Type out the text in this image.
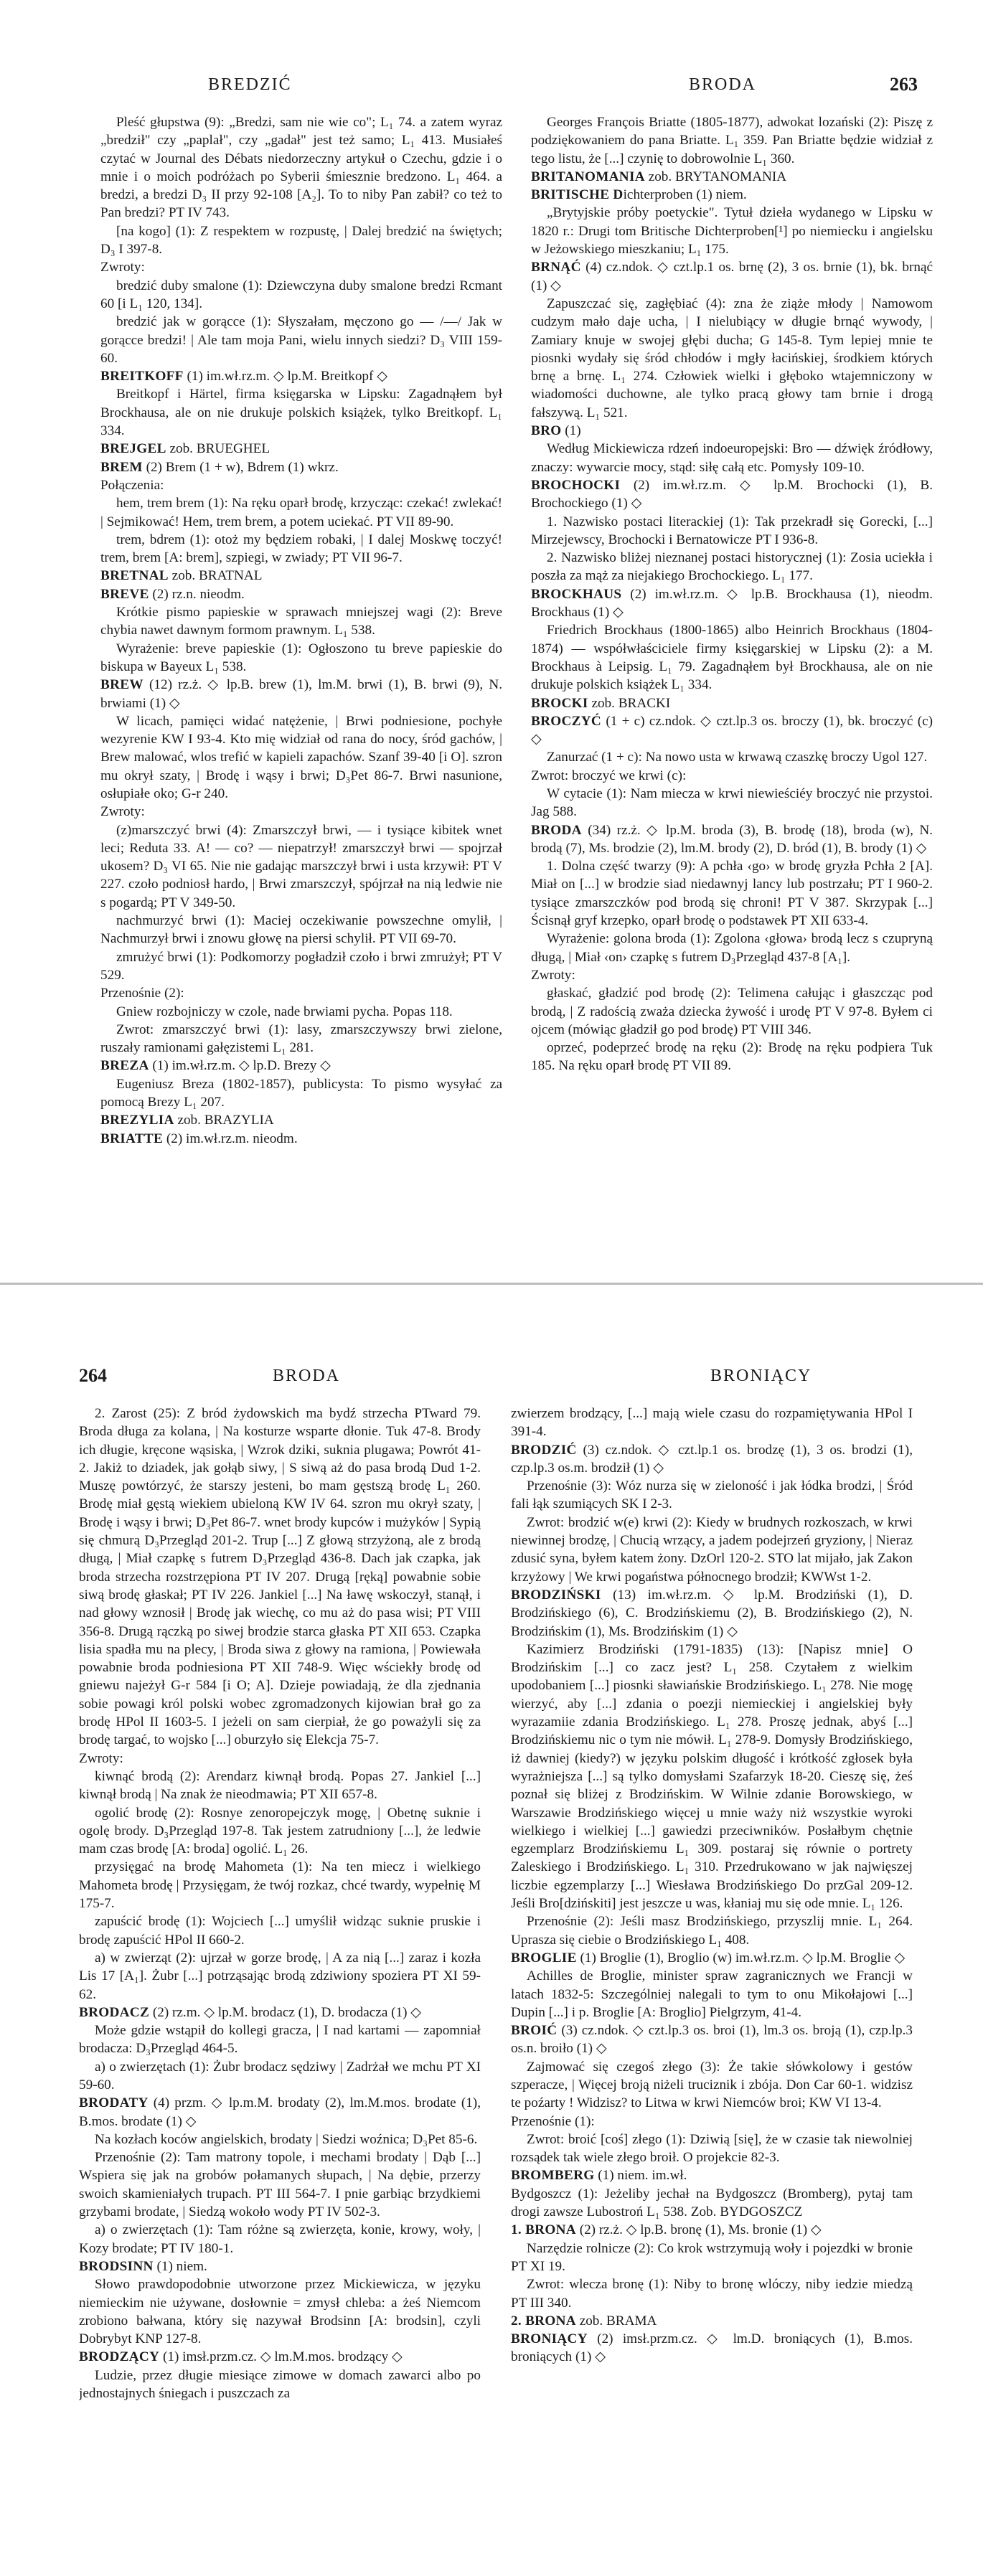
BREDZIĆ	BRODA	263

Pleść głupstwa (9): „Bredzi, sam nie wie co"; L₁ 74. a zatem wyraz „bredził" czy „paplał", czy „gadał" jest też samo; L₁ 413. Musiałeś czytać w Journal des Débats niedorzeczny artykuł o Czechu, gdzie i o mnie i o moich podróżach po Syberii śmiesznie bredzono. L₁ 464. a bredzi, a bredzi D₃ II przy 92-108 [A₂]. To to niby Pan zabił? co też to Pan bredzi? PT IV 743.

[na kogo] (1): Z respektem w rozpustę, | Dalej bredzić na świętych; D₃ I 397-8.

Zwroty:

bredzić duby smalone (1): Dziewczyna duby smalone bredzi Rcmant 60 [i L₁ 120, 134].

bredzić jak w gorącce (1): Słyszałam, męczono go — /—/ Jak w gorącce bredzi! | Ale tam moja Pani, wielu innych siedzi? D₃ VIII 159-60.

BREITKOFF (1) im.wł.rz.m. ◇ lp.M. Breitkopf ◇

Breitkopf i Härtel, firma księgarska w Lipsku: Zagadnąłem był Brockhausa, ale on nie drukuje polskich książek, tylko Breitkopf. L₁ 334.

BREJGEL zob. BRUEGHEL

BREM (2) Brem (1 + w), Bdrem (1) wkrz.

Połączenia:

hem, trem brem (1): Na ręku oparł brodę, krzycząc: czekać! zwlekać! | Sejmikować! Hem, trem brem, a potem uciekać. PT VII 89-90.

trem, bdrem (1): otoż my będziem robaki, | I dalej Moskwę toczyć! trem, brem [A: brem], szpiegi, w zwiady; PT VII 96-7.

BRETNAL zob. BRATNAL

BREVE (2) rz.n. nieodm.

Krótkie pismo papieskie w sprawach mniejszej wagi (2): Breve chybia nawet dawnym formom prawnym. L₁ 538.

Wyrażenie: breve papieskie (1): Ogłoszono tu breve papieskie do biskupa w Bayeux L₁ 538.

BREW (12) rz.ż. ◇ lp.B. brew (1), lm.M. brwi (1), B. brwi (9), N. brwiami (1) ◇

W licach, pamięci widać natężenie, | Brwi podniesione, pochyłe wezyrenie KW I 93-4. Kto mię widział od rana do nocy, śród gachów, | Brew malować, wlos trefić w kapieli zapachów. Szanf 39-40 [i O]. szron mu okrył szaty, | Brodę i wąsy i brwi; D₃Pet 86-7. Brwi nasunione, osłupiałe oko; G-r 240.

Zwroty:

(z)marszczyć brwi (4): Zmarszczył brwi, — i tysiące kibitek wnet leci; Redutа 33. A! — co? — niepatrzył! zmarszczył brwi — spojrzał ukosem? D₃ VI 65. Nie nie gadając marszczył brwi i usta krzywił: PT V 227. czoło podniosł hardo, | Brwi zmarszczył, spójrzał na nią ledwie nie s pogardą; PT V 349-50.

nachmurzyć brwi (1): Maciej oczekiwanie powszechne omylił, | Nachmurzył brwi i znowu głowę na piersi schylił. PT VII 69-70.

zmrużyć brwi (1): Podkomorzy pogładził czoło i brwi zmrużył; PT V 529.

Przenośnie (2):

Gniew rozbojniczy w czole, nade brwiami pycha. Popas 118.

Zwrot: zmarszczyć brwi (1): lasy, zmarszczywszy brwi zielone, ruszały ramionami gałęzistemi L₁ 281.

BREZA (1) im.wł.rz.m. ◇ lp.D. Brezy ◇

Eugeniusz Breza (1802-1857), publicysta: To pismo wysyłać za pomocą Brezy L₁ 207.

BREZYLIA zob. BRAZYLIA

BRIATTE (2) im.wł.rz.m. nieodm.

Georges François Briatte (1805-1877), adwokat lozański (2): Piszę z podziękowaniem do pana Briatte. L₁ 359. Pan Briatte będzie widział z tego listu, że [...] czynię to dobrowolnie L₁ 360.

BRITANOMANIA zob. BRYTANOMANIA

BRITISCHE Dichterproben (1) niem.

„Brytyjskie próby poetyckie". Tytuł dzieła wydanego w Lipsku w 1820 r.: Drugi tom Britische Dichterproben[¹] po niemiecku i angielsku w Jeżowskiego mieszkaniu; L₁ 175.

BRNĄĆ (4) cz.ndok. ◇ czt.lp.1 os. brnę (2), 3 os. brnie (1), bk. brnąć (1) ◇

Zapuszczać się, zagłębiać (4): zna że ziąże młody | Namowom cudzym mało daje ucha, | I nielubiący w długie brnąć wywody, | Zamiary knuje w swojej głębi ducha; G 145-8. Tym lepiej mnie te piosnki wydały się śród chłodów i mgły łacińskiej, środkiem których brnę a brnę. L₁ 274. Człowiek wielki i głęboko wtajemniczony w wiadomości duchowne, ale tylko pracą głowy tam brnie i drogą fałszywą. L₁ 521.

BRO (1)

Według Mickiewicza rdzeń indoeuropejski: Bro — dźwięk źródłowy, znaczy: wywarcie mocy, stąd: siłę całą etc. Pomysły 109-10.

BROCHOCKI (2) im.wł.rz.m. ◇ lp.M. Brochocki (1), B. Brochockiego (1) ◇

1. Nazwisko postaci literackiej (1): Tak przekradł się Gorecki, [...] Mirzejewscy, Brochocki i Bernatowicze PT I 936-8.

2. Nazwisko bliżej nieznanej postaci historycznej (1): Zosia uciekła i poszła za mąż za niejakiego Brochockiego. L₁ 177.

BROCKHAUS (2) im.wł.rz.m. ◇ lp.B. Brockhausa (1), nieodm. Brockhaus (1) ◇

Friedrich Brockhaus (1800-1865) albo Heinrich Brockhaus (1804-1874) — współwłaściciele firmy księgarskiej w Lipsku (2): a M. Brockhaus à Leipsig. L₁ 79. Zagadnąłem był Brockhausa, ale on nie drukuje polskich książek L₁ 334.

BROCKI zob. BRACKI

BROCZYĆ (1 + c) cz.ndok. ◇ czt.lp.3 os. broczy (1), bk. broczyć (c) ◇

Zanurzać (1 + c): Na nowo usta w krwawą czaszkę broczy Ugol 127.

Zwrot: broczyć we krwi (c):

W cytacie (1): Nam mieczа w krwi niewieściéy broczyć nie przystoi. Jag 588.

BRODA (34) rz.ż. ◇ lp.M. broda (3), B. brodę (18), broda (w), N. brodą (7), Ms. brodzie (2), lm.M. brody (2), D. bród (1), B. brody (1) ◇

1. Dolna część twarzy (9): A pchła ‹go› w brodę gryzła Pchła 2 [A]. Miał on [...] w brodzie siad niedawnyj lancy lub postrzału; PT I 960-2. tysiące zmarszczków pod brodą się chroni! PT V 387. Skrzypak [...] Ścisnął gryf krzepko, oparł brodę o podstawek PT XII 633-4.

Wyrażenie: golona broda (1): Zgolona ‹głowa› brodą lecz s czupryną długą, | Miał ‹on› czapkę s futrem D₃Przegląd 437-8 [A₁].

Zwroty:

głaskać, gładzić pod brodę (2): Telimena całując i głaszcząc pod brodą, | Z radością zważa dziecka żywość i urodę PT V 97-8. Byłem ci ojcem (mówiąc gładził go pod brodę) PT VIII 346.

oprzeć, podeprzeć brodę na ręku (2): Brodę na ręku podpiera Tuk 185. Na ręku oparł brodę PT VII 89.

264	BRODA	BRONIĄCY

2. Zarost (25): Z bród żydowskich ma bydź strzecha PTward 79. Broda długa za kolana, | Na kosturze wsparte dłonie. Tuk 47-8. Brody ich długie, kręcone wąsiska, | Wzrok dziki, suknia plugawa; Powrót 41-2. Jakiż to dziadek, jak gołąb siwy, | S siwą aż do pasa brodą Dud 1-2. Muszę powtórzyć, że starszy jesteni, bo mam gęstszą brodę L₁ 260. Brodę miał gęstą wiekiem ubieloną KW IV 64. szron mu okrył szaty, | Brodę i wąsy i brwi; D₃Pet 86-7. wnet brody kupców i mużyków | Sypią się chmurą D₃Przegląd 201-2. Trup [...] Z głową strzyżoną, ale z brodą długą, | Miał czapkę s futrem D₃Przegląd 436-8. Dach jak czapka, jak broda strzecha rozstrzępiona PT IV 207. Drugą [ręką] powabnie sobie siwą brodę głaskał; PT IV 226. Jankiel [...] Na ławę wskoczył, stanął, i nad głowy wznosił | Brodę jak wiechę, co mu aż do pasa wisi; PT VIII 356-8. Drugą rączką po siwej brodzie starca głaska PT XII 653. Czapka lisia spadła mu na plecy, | Broda siwa z głowy na ramiona, | Powiewała powabnie broda podniesiona PT XII 748-9. Więc wściekły brodę od gniewu najeżył G-r 584 [i O; A]. Dzieje powiadają, że dla zjednania sobie powagi król polski wobec zgromadzonych kijowian brał go za brodę HPol II 1603-5. I jeżeli on sam cierpiał, że go poważyli się za brodę targać, to wojsko [...] oburzyło się Elekcja 75-7.

Zwroty:

kiwnąć brodą (2): Arendarz kiwnął brodą. Popas 27. Jankiel [...] kiwnął brodą | Na znak że nieodmawia; PT XII 657-8.

ogolić brodę (2): Rosnye zenoropejczyk mogę, | Obetnę suknie i ogolę brody. D₃Przegląd 197-8. Tak jestem zatrudniony [...], że ledwie mam czas brodę [A: broda] ogolić. L₁ 26.

przysięgać na brodę Mahometa (1): Na ten miecz i wielkiego Mahometa brodę | Przysięgam, że twój rozkaz, chcé twardy, wypełnię M 175-7.

zapuścić brodę (1): Wojciech [...] umyślił widząc suknie pruskie i brodę zapuścić HPol II 660-2.

a) w zwierząt (2): ujrzał w gorze brodę, | A za nią [...] zaraz i kozła Lis 17 [A₁]. Żubr [...] potrząsając brodą zdziwiony spozierа PT XI 59-62.

BRODACZ (2) rz.m. ◇ lp.M. brodacz (1), D. brodacza (1) ◇

Może gdzie wstąpił do kollegi gracza, | I nad kartami — zapomniał brodacza: D₃Przegląd 464-5.

a) o zwierzętach (1): Żubr brodacz sędziwy | Zadrżał we mchu PT XI 59-60.

BRODATY (4) przm. ◇ lp.m.M. brodaty (2), lm.M.mos. brodate (1), B.mos. brodate (1) ◇

Na kozłach koców angielskich, brodaty | Siedzi woźnica; D₃Pet 85-6.

Przenośnie (2): Tam matrony topole, i mechami brodaty | Dąb [...] Wspiera się jak na grobów połamanych słupach, | Na dębie, przerzy swoich skamieniałych trupach. PT III 564-7. I pnie garbiąc brzydkiemi grzybami brodate, | Siedzą wokoło wody PT IV 502-3.

a) o zwierzętach (1): Tam różne są zwierzęta, konie, krowy, woły, | Kozy brodate; PT IV 180-1.

BRODSINN (1) niem.

Słowo prawdopodobnie utworzone przez Mickiewicza, w języku niemieckim nie używane, dosłownie = zmysł chleba: a żeś Niemcom zrobiono bałwana, który się nazywał Brodsinn [A: brodsin], czyli Dobrybyt KNP 127-8.

BRODZĄCY (1) imsł.przm.cz. ◇ lm.M.mos. brodzący ◇

Ludzie, przez długie miesiące zimowe w domach zawarci albo po jednostajnych śniegach i puszczach za

zwierzem brodzący, [...] mają wiele czasu do rozpamiętywania HPol I 391-4.

BRODZIĆ (3) cz.ndok. ◇ czt.lp.1 os. brodzę (1), 3 os. brodzi (1), czp.lp.3 os.m. brodził (1) ◇

Przenośnie (3): Wóz nurza się w zieloność i jak łódka brodzi, | Śród fali łąk szumiących SK I 2-3.

Zwrot: brodzić w(e) krwi (2): Kiedy w brudnych rozkoszach, w krwi niewinnej brodzę, | Chucią wrzący, a jadem podejrzeń gryziony, | Nieraz zdusić syna, byłem katem żony. DzOrl 120-2. STO lat mijało, jak Zakon krzyżowy | We krwi pogaństwa północnego brodził; KWWst 1-2.

BRODZIŃSKI (13) im.wł.rz.m. ◇ lp.M. Brodziński (1), D. Brodzińskiego (6), C. Brodzińskiemu (2), B. Brodzińskiego (2), N. Brodzińskim (1), Ms. Brodzińskim (1) ◇

Kazimierz Brodziński (1791-1835) (13): [Napisz mnie] O Brodzińskim [...] co zacz jest? L₁ 258. Czytałem z wielkim upodobaniem [...] piosnki sławiańskie Brodzińskiego. L₁ 278. Nie mogę wierzyć, aby [...] zdania o poezji niemieckiej i angielskiej były wyrazamiie zdania Brodzińskiego. L₁ 278. Proszę jednak, abyś [...] Brodzińskiemu nic o tym nie mówił. L₁ 278-9. Domysły Brodzińskiego, iż dawniej (kiedy?) w języku polskim długość i krótkość zgłosek była wyrażniejsza [...] są tylko domysłami Szafarzyk 18-20. Cieszę się, żeś poznał się bliżej z Brodzińskim. W Wilnie zdanie Borowskiego, w Warszawie Brodzińskiego więcej u mnie waży niż wszystkie wyroki wielkiego i wielkiej [...] gawiedzi przeciwników. Posłałbym chętnie egzemplarz Brodzińskiemu L₁ 309. postaraj się równie o portrety Zaleskiego i Brodzińskiego. L₁ 310. Przedrukowano w jak najwięszej liczbie egzemplarzy [...] Wiesława Brodzińskiego Do przGal 209-12. Jeśli Bro[dzińskiti] jest jeszcze u was, kłaniaj mu się ode mnie. L₁ 126.

Przenośnie (2): Jeśli masz Brodzińskiego, przyszlij mnie. L₁ 264. Uprasza się ciebie o Brodzińskiego L₁ 408.

BROGLIE (1) Broglie (1), Broglio (w) im.wł.rz.m. ◇ lp.M. Broglie ◇

Achilles de Broglie, minister spraw zagranicznych we Francji w latach 1832-5: Szczególniej nalegali to tym to onu Mikołajowi [...] Dupin [...] i p. Broglie [A: Broglio] Pielgrzym, 41-4.

BROIĆ (3) cz.ndok. ◇ czt.lp.3 os. broi (1), lm.3 os. broją (1), czp.lp.3 os.n. broiło (1) ◇

Zajmować się czegoś złego (3): Że takie słówkolowy i gestów szperacze, | Więcej broją niżeli truciznik i zbója. Don Car 60-1. widzisz te poźarty ! Widzisz? to Litwa w krwi Niemców broi; KW VI 13-4.

Przenośnie (1):

Zwrot: broić [coś] złego (1): Dziwią [się], że w czasie tak niewolniej rozsądek tak wiele złego broił. O projekcie 82-3.

BROMBERG (1) niem. im.wł.

Bydgoszcz (1): Jeżeliby jechał na Bydgoszcz (Bromberg), pytaj tam drogi zawsze Lubostroń L₁ 538. Zob. BYDGOSZCZ

1. BRONA (2) rz.ż. ◇ lp.B. bronę (1), Ms. bronie (1) ◇

Narzędzie rolnicze (2): Co krok wstrzymują wołу i pojezdki w bronie PT XI 19.

Zwrot: wlecza bronę (1): Niby to bronę wlóczy, niby iedzie miedzą PT III 340.

2. BRONA zob. BRAMA

BRONIĄCY (2) imsł.przm.cz. ◇ lm.D. broniących (1), B.mos. broniących (1) ◇
